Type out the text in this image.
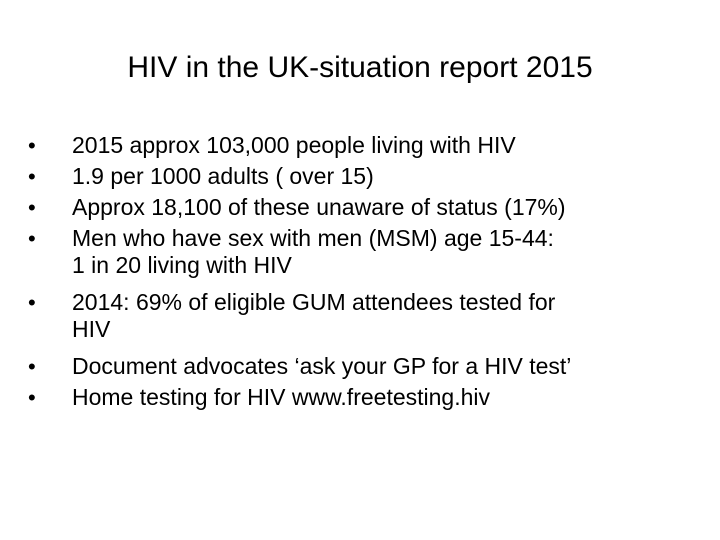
HIV in the UK-situation report 2015
• 2015 approx 103,000 people living with HIV
• 1.9 per 1000 adults ( over 15)
• Approx 18,100 of these unaware of status (17%)
• Men who have sex with men (MSM) age 15-44:
1 in 20 living with HIV
• 2014: 69% of eligible GUM attendees tested for
HIV
• Document advocates ‘ask your GP for a HIV test’
• Home testing for HIV www.freetesting.hiv
